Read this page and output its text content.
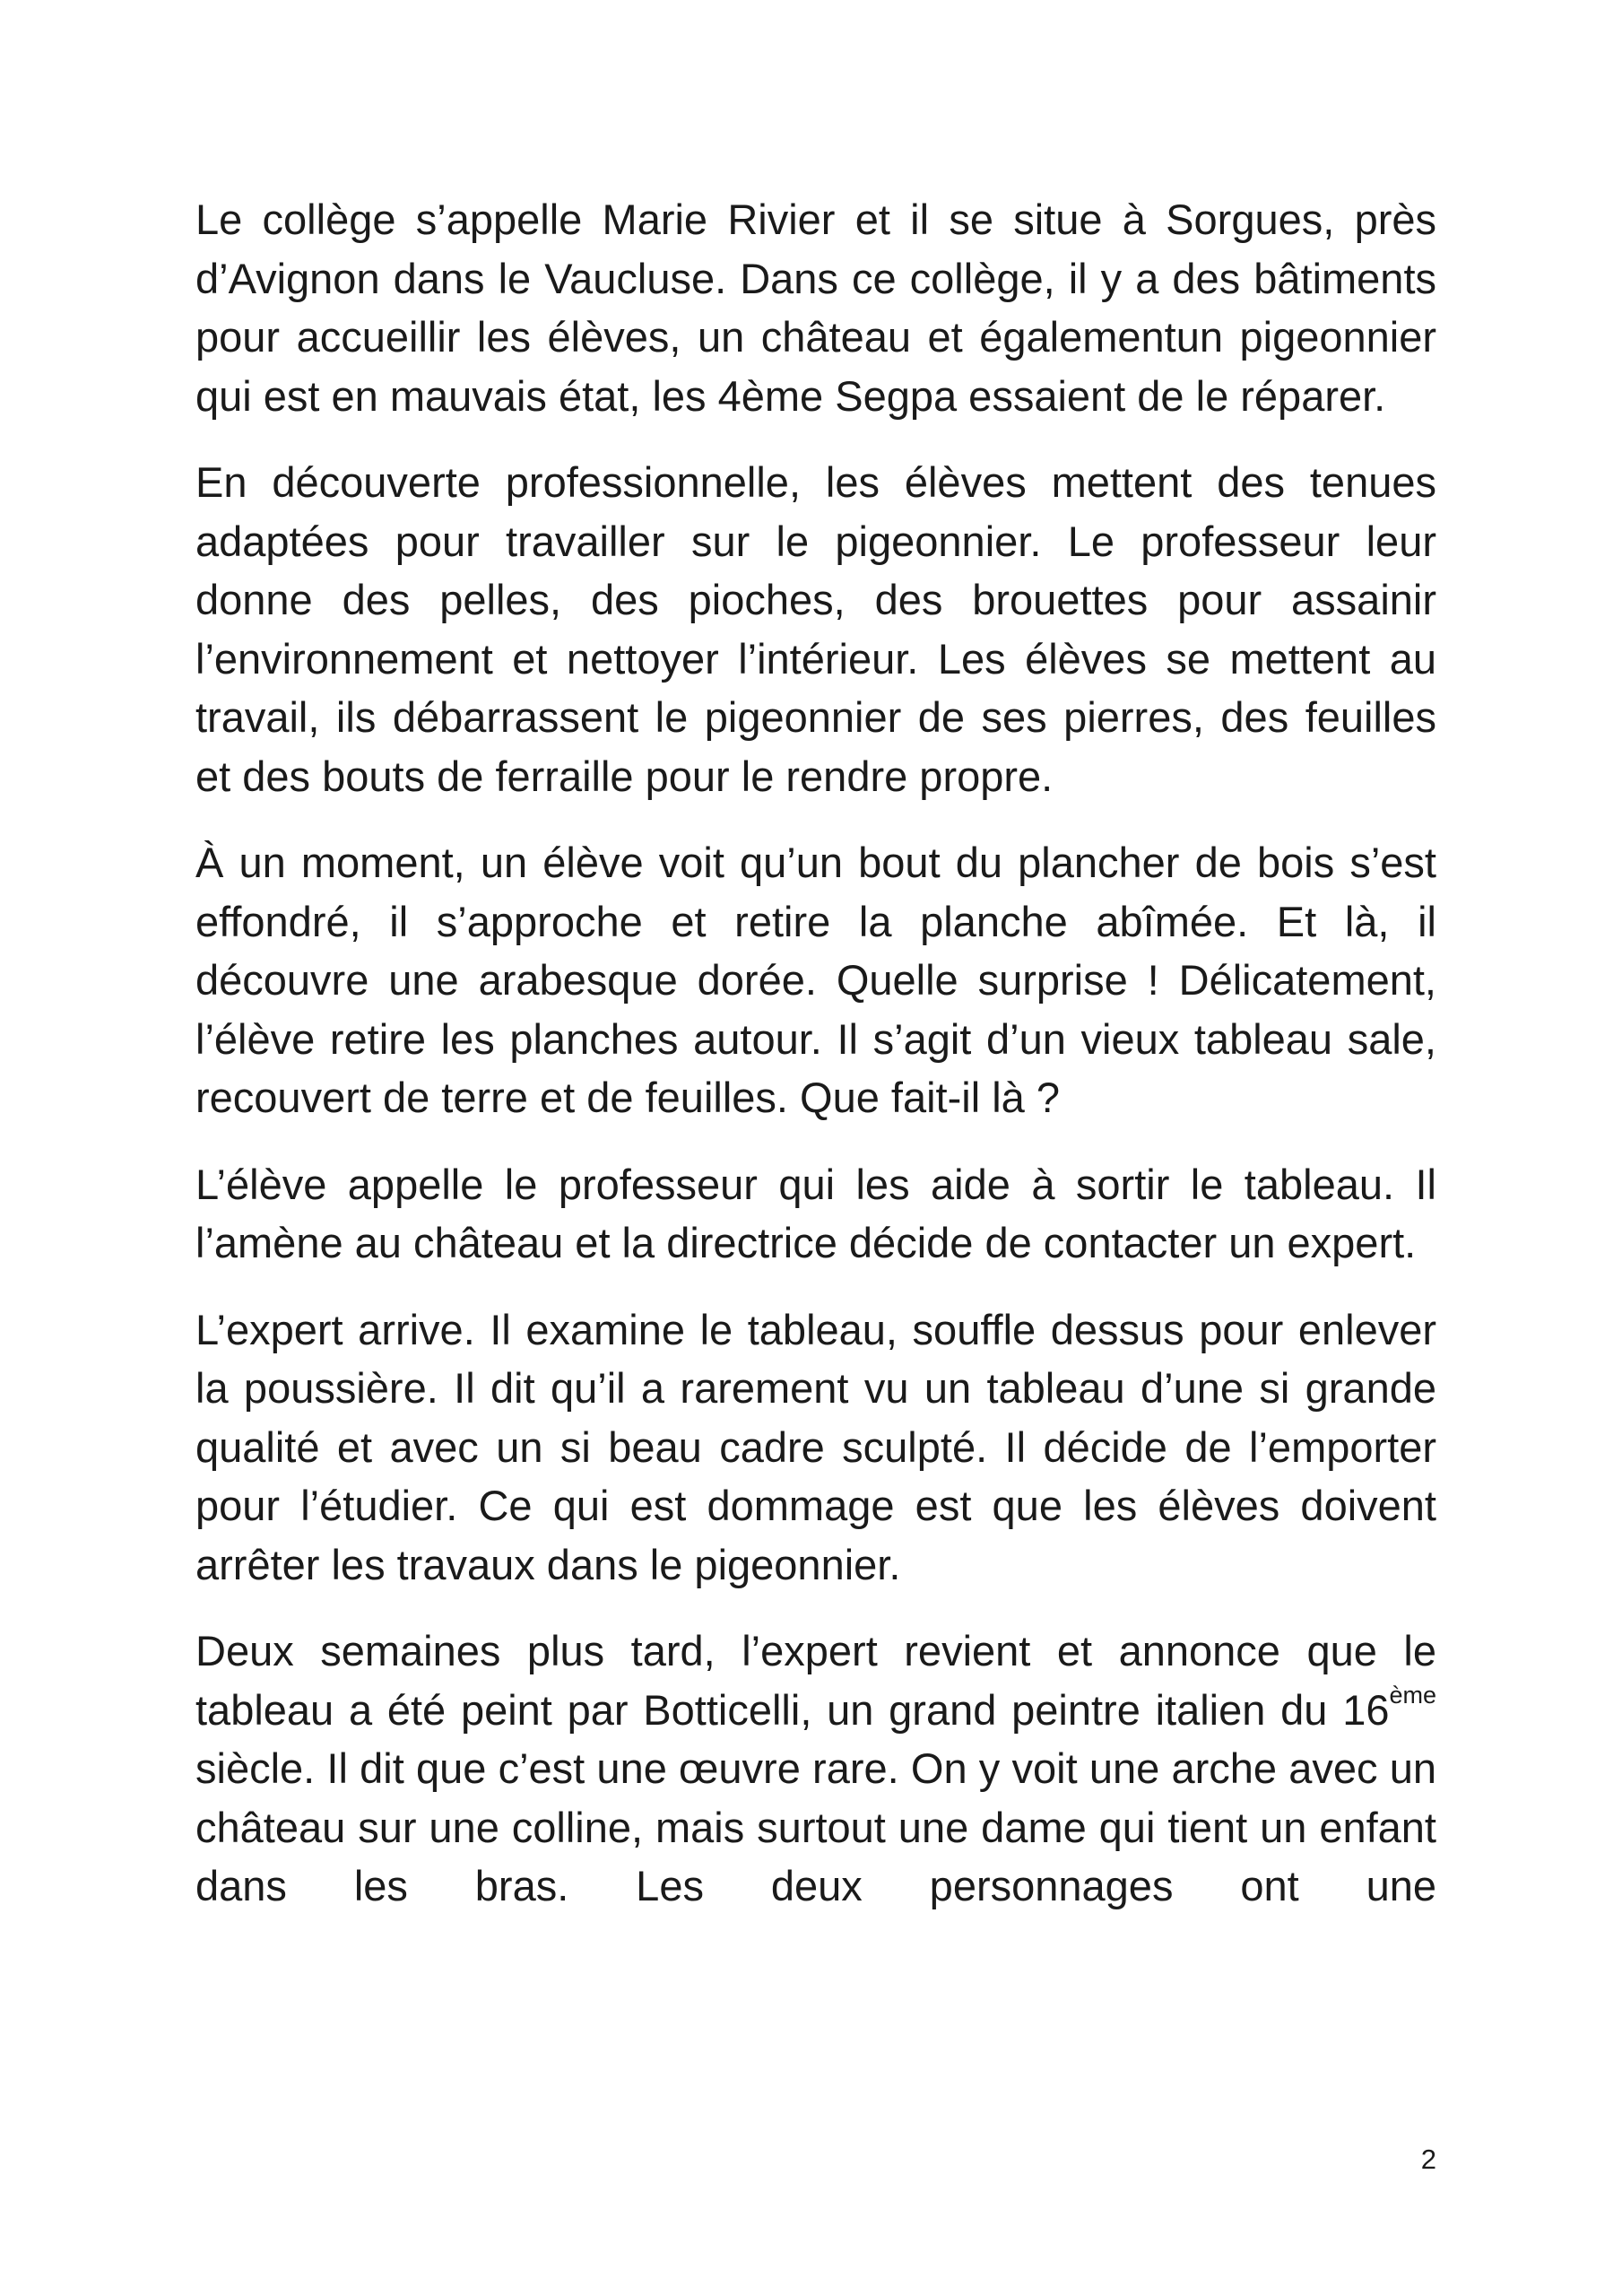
Le collège s’appelle Marie Rivier et il se situe à Sorgues, près d’Avignon dans le Vaucluse. Dans ce collège, il y a des bâtiments pour accueillir les élèves, un château et égalementun pigeonnier qui est en mauvais état, les 4ème Segpa essaient de le réparer.

En découverte professionnelle, les élèves mettent des tenues adaptées pour travailler sur le pigeonnier. Le professeur leur donne des pelles, des pioches, des brouettes pour assainir l’environnement et nettoyer l’intérieur. Les élèves se mettent au travail, ils débarrassent le pigeonnier de ses pierres, des feuilles et des bouts de ferraille pour le rendre propre.

À un moment, un élève voit qu’un bout du plancher de bois s’est effondré, il s’approche et retire la planche abîmée. Et là, il découvre une arabesque dorée. Quelle surprise ! Délicatement, l’élève retire les planches autour. Il s’agit d’un vieux tableau sale, recouvert de terre et de feuilles. Que fait-il là ?

L’élève appelle le professeur qui les aide à sortir le tableau. Il l’amène au château et la directrice décide de contacter un expert.

L’expert arrive. Il examine le tableau, souffle dessus pour enlever la poussière. Il dit qu’il a rarement vu un tableau d’une si grande qualité et avec un si beau cadre sculpté. Il décide de l’emporter pour l’étudier. Ce qui est dommage est que les élèves doivent arrêter les travaux dans le pigeonnier.

Deux semaines plus tard, l’expert revient et annonce que le tableau a été peint par Botticelli, un grand peintre italien du 16ème siècle. Il dit que c’est une œuvre rare. On y voit une arche avec un château sur une colline, mais surtout une dame qui tient un enfant dans les bras. Les deux personnages ont une

2
